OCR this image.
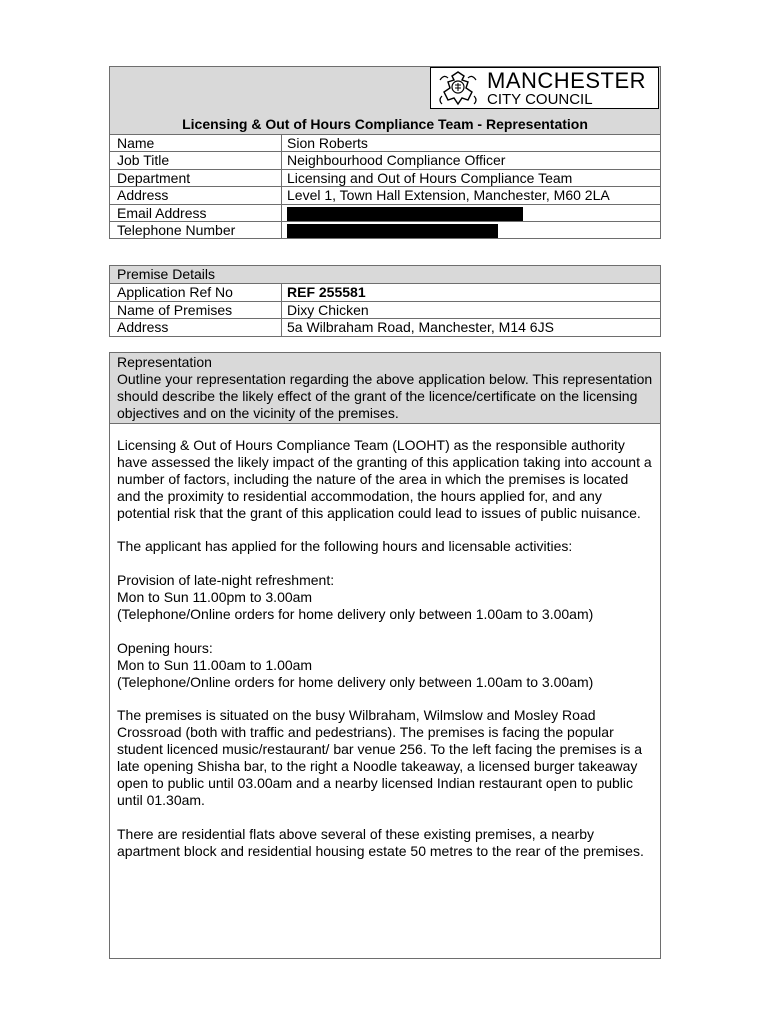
MANCHESTER
CITY COUNCIL
Licensing & Out of Hours Compliance Team - Representation
Name	Sion Roberts
Job Title	Neighbourhood Compliance Officer
Department	Licensing and Out of Hours Compliance Team
Address	Level 1, Town Hall Extension, Manchester, M60 2LA
Email Address
Telephone Number
Premise Details
Application Ref No	REF 255581
Name of Premises	Dixy Chicken
Address	5a Wilbraham Road, Manchester, M14 6JS
Representation
Outline your representation regarding the above application below. This representation should describe the likely effect of the grant of the licence/certificate on the licensing objectives and on the vicinity of the premises.

Licensing & Out of Hours Compliance Team (LOOHT) as the responsible authority have assessed the likely impact of the granting of this application taking into account a number of factors, including the nature of the area in which the premises is located and the proximity to residential accommodation, the hours applied for, and any potential risk that the grant of this application could lead to issues of public nuisance.

The applicant has applied for the following hours and licensable activities:

Provision of late-night refreshment:
Mon to Sun 11.00pm to 3.00am
(Telephone/Online orders for home delivery only between 1.00am to 3.00am)

Opening hours:
Mon to Sun 11.00am to 1.00am
(Telephone/Online orders for home delivery only between 1.00am to 3.00am)

The premises is situated on the busy Wilbraham, Wilmslow and Mosley Road Crossroad (both with traffic and pedestrians). The premises is facing the popular student licenced music/restaurant/ bar venue 256. To the left facing the premises is a late opening Shisha bar, to the right a Noodle takeaway, a licensed burger takeaway open to public until 03.00am and a nearby licensed Indian restaurant open to public until 01.30am.

There are residential flats above several of these existing premises, a nearby apartment block and residential housing estate 50 metres to the rear of the premises.
